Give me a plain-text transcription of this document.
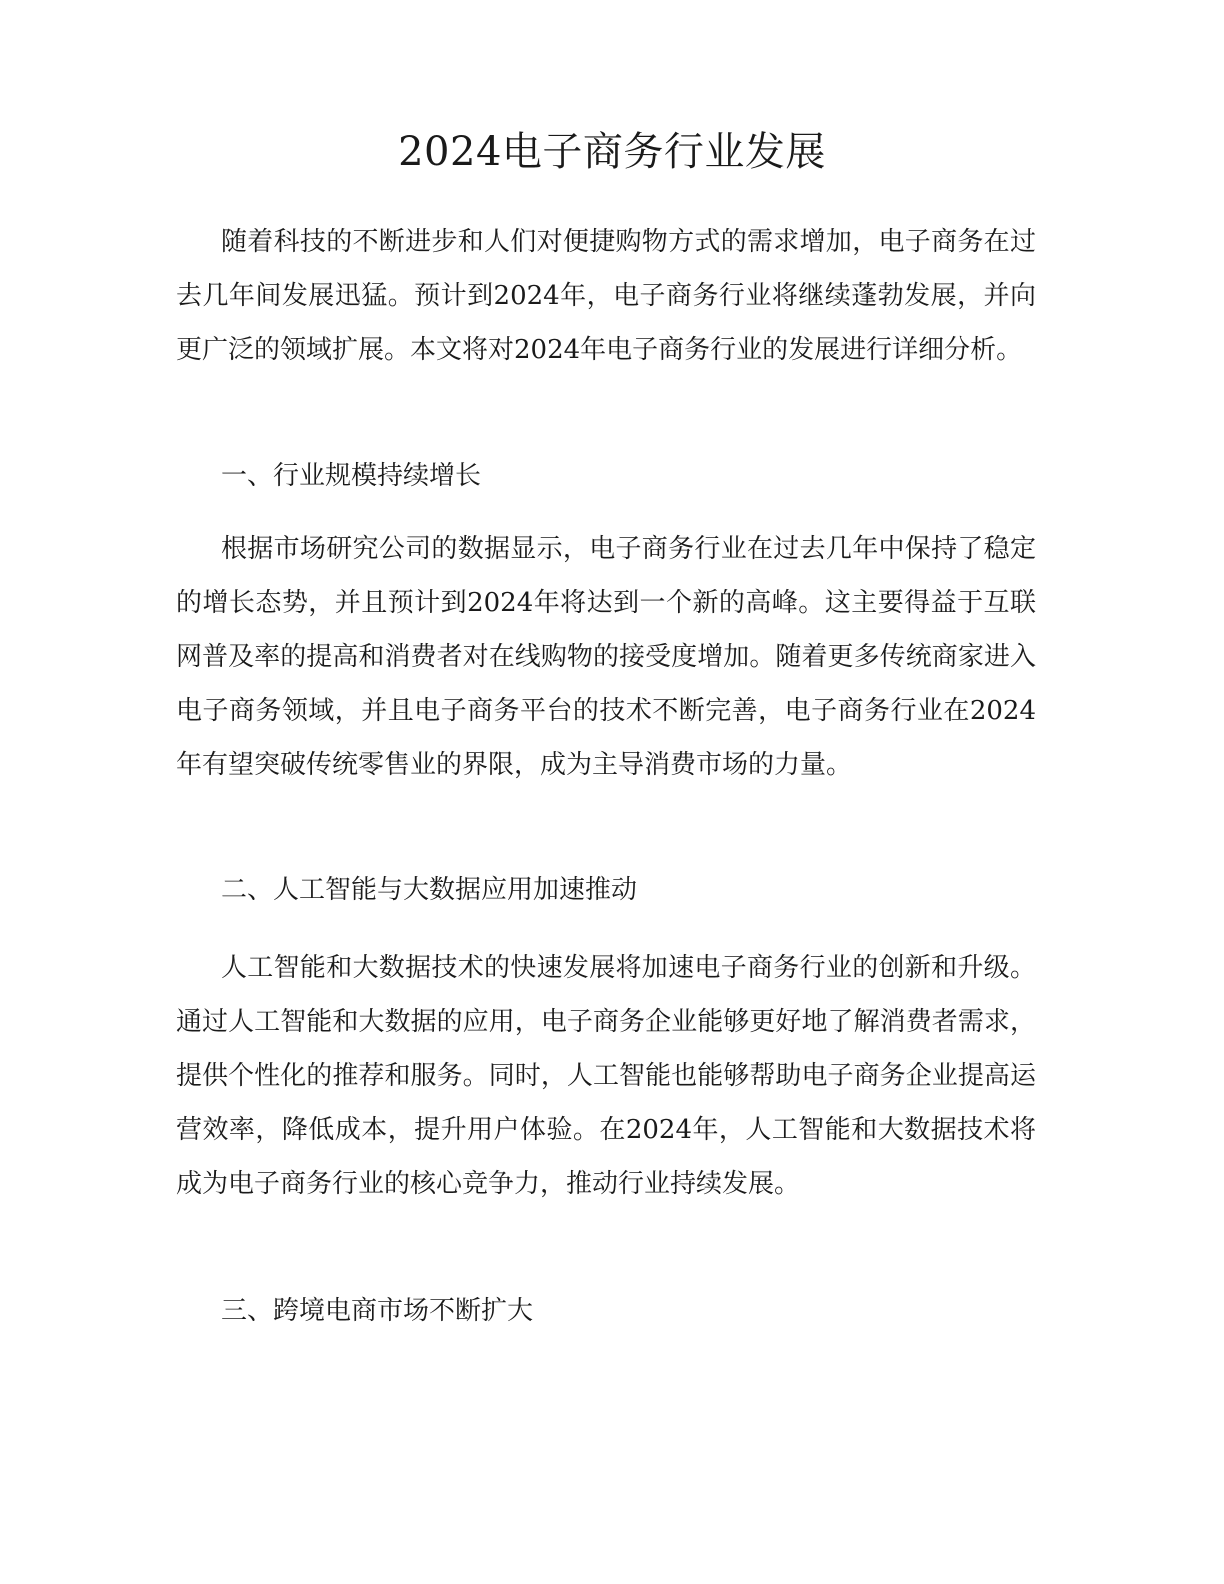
2024电子商务行业发展

随着科技的不断进步和人们对便捷购物方式的需求增加，电子商务在过去几年间发展迅猛。预计到2024年，电子商务行业将继续蓬勃发展，并向更广泛的领域扩展。本文将对2024年电子商务行业的发展进行详细分析。

一、行业规模持续增长

根据市场研究公司的数据显示，电子商务行业在过去几年中保持了稳定的增长态势，并且预计到2024年将达到一个新的高峰。这主要得益于互联网普及率的提高和消费者对在线购物的接受度增加。随着更多传统商家进入电子商务领域，并且电子商务平台的技术不断完善，电子商务行业在2024年有望突破传统零售业的界限，成为主导消费市场的力量。

二、人工智能与大数据应用加速推动

人工智能和大数据技术的快速发展将加速电子商务行业的创新和升级。通过人工智能和大数据的应用，电子商务企业能够更好地了解消费者需求，提供个性化的推荐和服务。同时，人工智能也能够帮助电子商务企业提高运营效率，降低成本，提升用户体验。在2024年，人工智能和大数据技术将成为电子商务行业的核心竞争力，推动行业持续发展。

三、跨境电商市场不断扩大
